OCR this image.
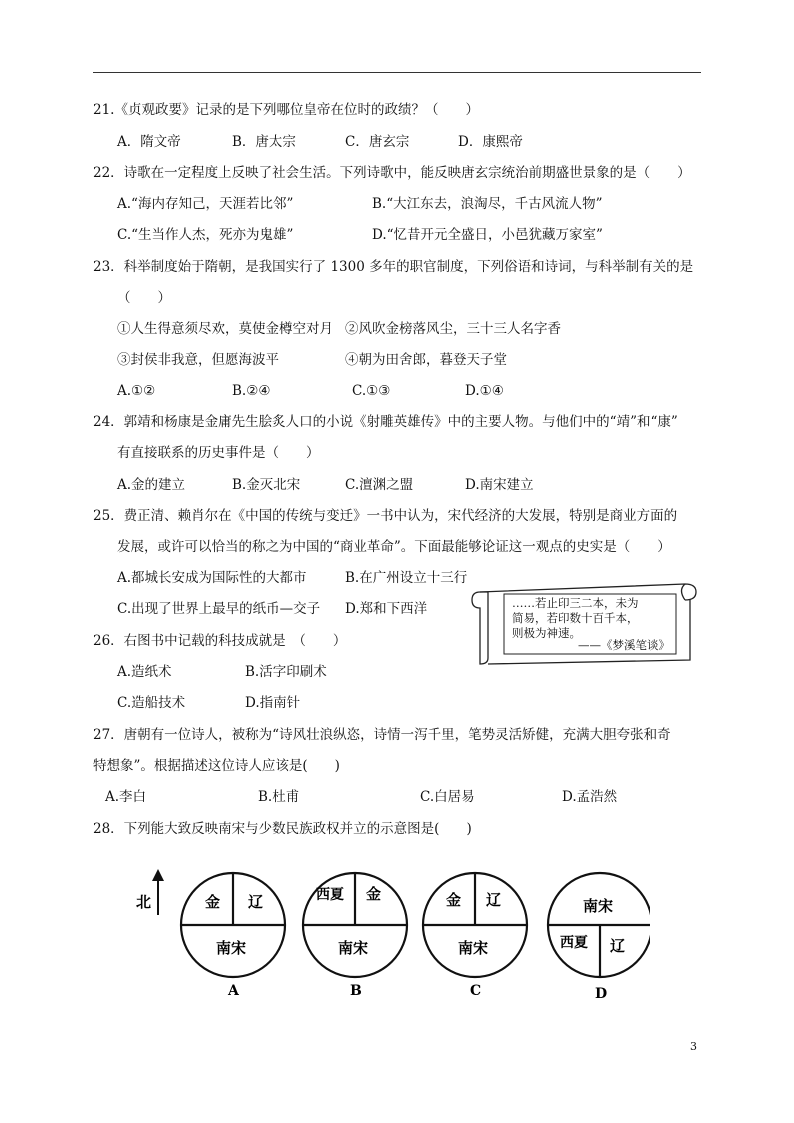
21.《贞观政要》记录的是下列哪位皇帝在位时的政绩？（　　）
A．隋文帝	B．唐太宗	C．唐玄宗	D．康熙帝
22．诗歌在一定程度上反映了社会生活。下列诗歌中，能反映唐玄宗统治前期盛世景象的是（　　）
A.“海内存知己，天涯若比邻”	B.“大江东去，浪淘尽，千古风流人物”
C.“生当作人杰，死亦为鬼雄”	D.“忆昔开元全盛日，小邑犹藏万家室”
23．科举制度始于隋朝，是我国实行了 1300 多年的职官制度，下列俗语和诗词，与科举制有关的是
（　　）
①人生得意须尽欢，莫使金樽空对月 ②风吹金榜落风尘，三十三人名字香
③封侯非我意，但愿海波平	④朝为田舍郎，暮登天子堂
A.①②	B.②④	C.①③	D.①④
24．郭靖和杨康是金庸先生脍炙人口的小说《射雕英雄传》中的主要人物。与他们中的“靖”和“康”
有直接联系的历史事件是（　　）
A.金的建立	B.金灭北宋	C.澶渊之盟	D.南宋建立
25．费正清、赖肖尔在《中国的传统与变迁》一书中认为，宋代经济的大发展，特别是商业方面的
发展，或许可以恰当的称之为中国的“商业革命”。下面最能够论证这一观点的史实是（　　）
A.都城长安成为国际性的大都市	B.在广州设立十三行
C.出现了世界上最早的纸币—交子 D.郑和下西洋	……若止印三二本，未为
简易，若印数十百千本，
则极为神速。
——《梦溪笔谈》
26．右图书中记载的科技成就是　（　　）
A.造纸术	B.活字印刷术
C.造船技术	D.指南针
27．唐朝有一位诗人，被称为“诗风壮浪纵恣，诗情一泻千里，笔势灵活矫健，充满大胆夸张和奇
特想象”。根据描述这位诗人应该是(　　)
A.李白	B.杜甫	C.白居易	D.孟浩然
28．下列能大致反映南宋与少数民族政权并立的示意图是(　　)
北	金 辽
南宋
A
西夏 金
南宋
B
金 辽
南宋
C
南宋
西夏 辽
D
3
